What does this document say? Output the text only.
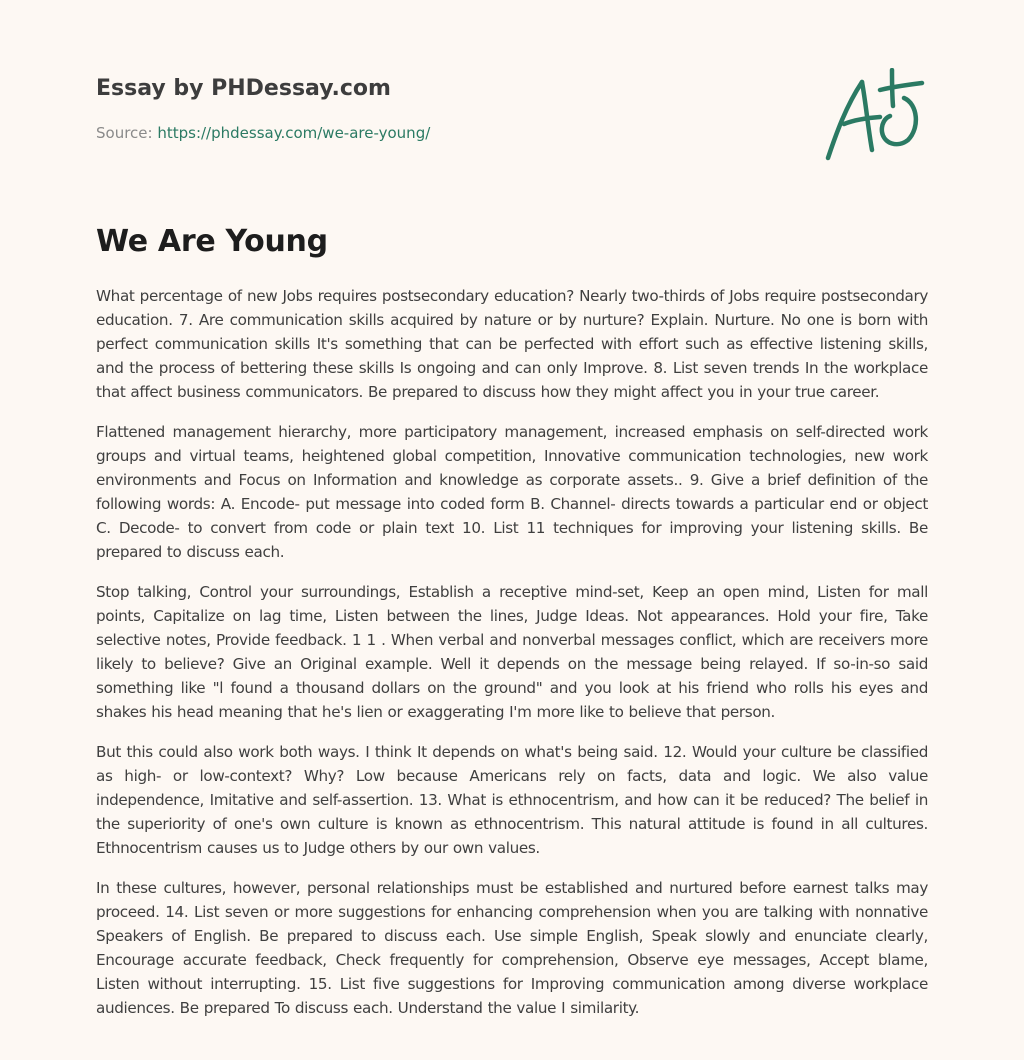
Essay by PHDessay.com
Source: https://phdessay.com/we-are-young/
We Are Young

What percentage of new Jobs requires postsecondary education? Nearly two-thirds of Jobs require postsecondary education. 7. Are communication skills acquired by nature or by nurture? Explain. Nurture. No one is born with perfect communication skills It's something that can be perfected with effort such as effective listening skills, and the process of bettering these skills Is ongoing and can only Improve. 8. List seven trends In the workplace that affect business communicators. Be prepared to discuss how they might affect you in your true career.

Flattened management hierarchy, more participatory management, increased emphasis on self-directed work groups and virtual teams, heightened global competition, Innovative communication technologies, new work environments and Focus on Information and knowledge as corporate assets.. 9. Give a brief definition of the following words: A. Encode- put message into coded form B. Channel- directs towards a particular end or object C. Decode- to convert from code or plain text 10. List 11 techniques for improving your listening skills. Be prepared to discuss each.

Stop talking, Control your surroundings, Establish a receptive mind-set, Keep an open mind, Listen for mall points, Capitalize on lag time, Listen between the lines, Judge Ideas. Not appearances. Hold your fire, Take selective notes, Provide feedback. 1 1 . When verbal and nonverbal messages conflict, which are receivers more likely to believe? Give an Original example. Well it depends on the message being relayed. If so-in-so said something like "l found a thousand dollars on the ground" and you look at his friend who rolls his eyes and shakes his head meaning that he's lien or exaggerating I'm more like to believe that person.

But this could also work both ways. I think It depends on what's being said. 12. Would your culture be classified as high- or low-context? Why? Low because Americans rely on facts, data and logic. We also value independence, Imitative and self-assertion. 13. What is ethnocentrism, and how can it be reduced? The belief in the superiority of one's own culture is known as ethnocentrism. This natural attitude is found in all cultures. Ethnocentrism causes us to Judge others by our own values.

In these cultures, however, personal relationships must be established and nurtured before earnest talks may proceed. 14. List seven or more suggestions for enhancing comprehension when you are talking with nonnative Speakers of English. Be prepared to discuss each. Use simple English, Speak slowly and enunciate clearly, Encourage accurate feedback, Check frequently for comprehension, Observe eye messages, Accept blame, Listen without interrupting. 15. List five suggestions for Improving communication among diverse workplace audiences. Be prepared To discuss each. Understand the value I similarity.
